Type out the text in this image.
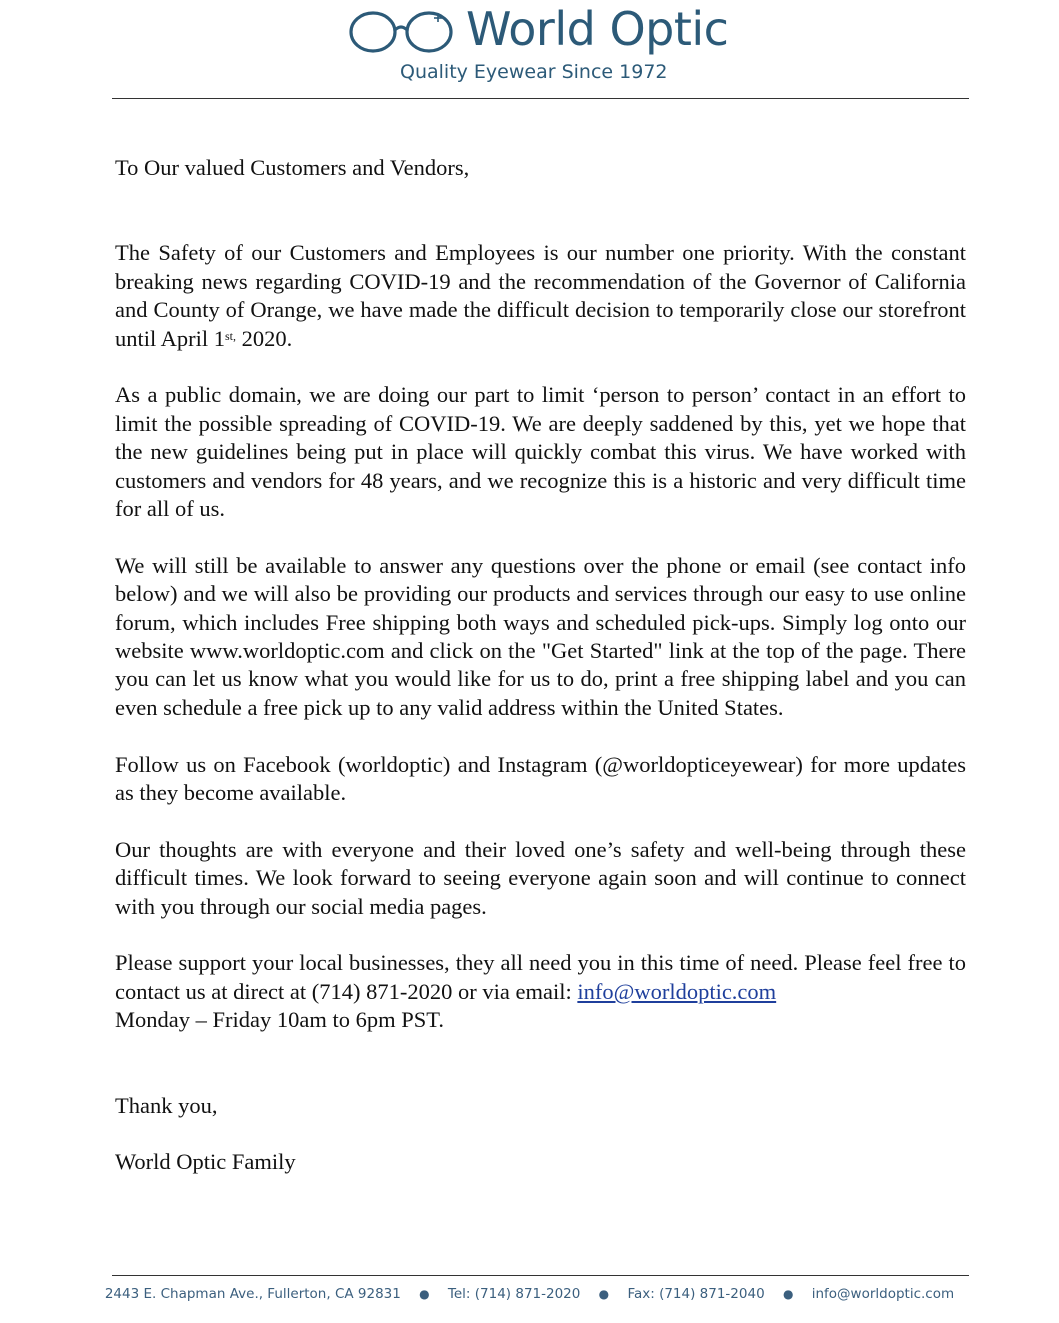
World Optic
Quality Eyewear Since 1972

To Our valued Customers and Vendors,

The Safety of our Customers and Employees is our number one priority. With the constant breaking news regarding COVID-19 and the recommendation of the Governor of California and County of Orange, we have made the difficult decision to temporarily close our storefront until April $1^{st,}$ 2020.

As a public domain, we are doing our part to limit ‘person to person’ contact in an effort to limit the possible spreading of COVID-19. We are deeply saddened by this, yet we hope that the new guidelines being put in place will quickly combat this virus. We have worked with customers and vendors for 48 years, and we recognize this is a historic and very difficult time for all of us.

We will still be available to answer any questions over the phone or email (see contact info below) and we will also be providing our products and services through our easy to use online forum, which includes Free shipping both ways and scheduled pick-ups. Simply log onto our website www.worldoptic.com and click on the "Get Started" link at the top of the page. There you can let us know what you would like for us to do, print a free shipping label and you can even schedule a free pick up to any valid address within the United States.

Follow us on Facebook (worldoptic) and Instagram (@worldopticeyewear) for more updates as they become available.

Our thoughts are with everyone and their loved one’s safety and well-being through these difficult times. We look forward to seeing everyone again soon and will continue to connect with you through our social media pages.

Please support your local businesses, they all need you in this time of need. Please feel free to contact us at direct at (714) 871-2020 or via email: info@worldoptic.com
Monday – Friday 10am to 6pm PST.

Thank you,

World Optic Family

2443 E. Chapman Ave., Fullerton, CA 92831 ● Tel: (714) 871-2020 ● Fax: (714) 871-2040 ● info@worldoptic.com
